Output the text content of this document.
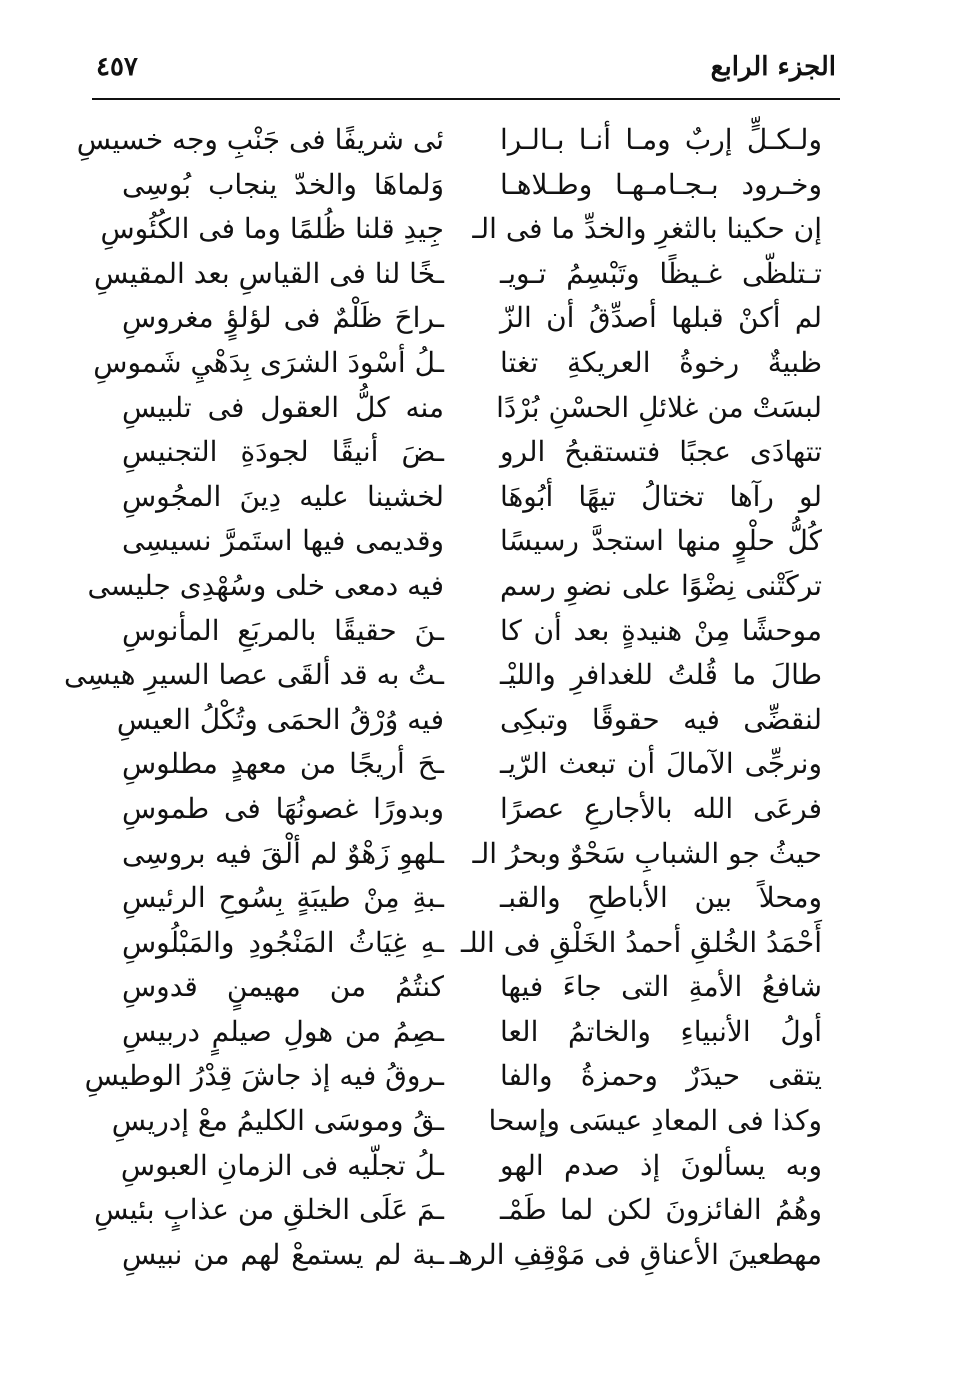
الجزء الرابع
٤٥٧
ولـكـلٍّ إربٌ ومـا أنـا بـالـرا
وخـرود بـجـامـهـا وطـلاهـا
إن حكينا بالثغرِ والخدِّ ما فى الـ
تـتلظّى غـيظًا وتَبْسِمُ تـويـ
لم أكنْ قبلها أصدِّقُ أن الزّ
ظبيةٌ رخوةُ العريكةِ تغتا
لبسَتْ من غلائلِ الحسْنِ بُرْدًا
تتهادَى عجبًا فتستقبحُ الرو
لو رآها تختالُ تيهًا أبُوهَا
كُلُّ حلْوٍ منها استجدَّ رسيسًا
تركَتْنى نِضْوًا على نضوِ رسم
موحشًا مِنْ هنيدةٍ بعد أن كا
طالَ ما قُلتُ للغدافرِ والليْـ
لنقضِّى فيه حقوقًا وتبكِى
ونرجِّى الآمالَ أن تبعث الرّيـ
فرعَى الله بالأجارعِ عصرًا
حيثُ جو الشبابِ سَحْوٌ وبحرُ الـ
ومحلاً بين الأباطحِ والقبـ
أَحْمَدُ الخُلقِ أحمدُ الخَلْقِ فى اللـ
شافعُ الأمةِ التى جاءَ فيها
أولُ الأنبياءِ والخاتمُ العا
يتقى حيدَرٌ وحمزةُ والفا
وكذا فى المعادِ عيسَى وإسحا
وبه يسألونَ إذ صدم الهو
وهُمُ الفائزونَ لكن لما طَمْـ
مهطعينَ الأعناقِ فى مَوْقِفِ الرهـ
ئى شريفًا فى جَنْبِ وجه خسيسِ
وَلماهَا والخدّ ينجاب بُوسِى
جِيدِ قلنا ظُلمًا وما فى الكُئُوسِ
ـخًا لنا فى القياسِ بعد المقيسِ
ـراحَ ظَلْمٌ فى لؤلؤٍ مغروسِ
ـلُ أسْودَ الشرَى بِدَهْيِ شَموسِ
منه كلُّ العقول فى تلبيسِ
ـضَ أنيقًا لجودَةِ التجنيسِ
لخشينا عليه دِينَ المجُوسِ
وقديمى فيها استَمرَّ نسيسِى
فيه دمعى خلى وسُهْدِى جليسى
ـنَ حقيقًا بالمربَعِ المأنوسِ
ـتُ به قد ألقَى عصا السيرِ هيسِى
فيه وُرْقُ الحمَى وتُكْلُ العيسِ
ـحَ أريجًا من معهدٍ مطلوسِ
وبدورًا غصونُهَا فى طموسِ
ـلهوِ زَهْوٌ لم ألْقَ فيه بروسِى
ـبةِ مِنْ طيبَةٍ بِسُوحِ الرئيسِ
ـهِ غِيَاثُ المَنْجُودِ والمَبْلُوسِ
كنتُمُ من مهيمنٍ قدوسِ
ـصِمُ من هولِ صيلمٍ دربيسِ
ـروقُ فيه إذ جاشَ قِدْرُ الوطيسِ
ـقُ وموسَى الكليمُ معْ إدريسِ
ـلُ تجلّيه فى الزمانِ العبوسِ
ـمَ عَلَى الخلقِ من عذابٍ بئيسِ
ـبة لم يستمعْ لهم من نبيسِ
